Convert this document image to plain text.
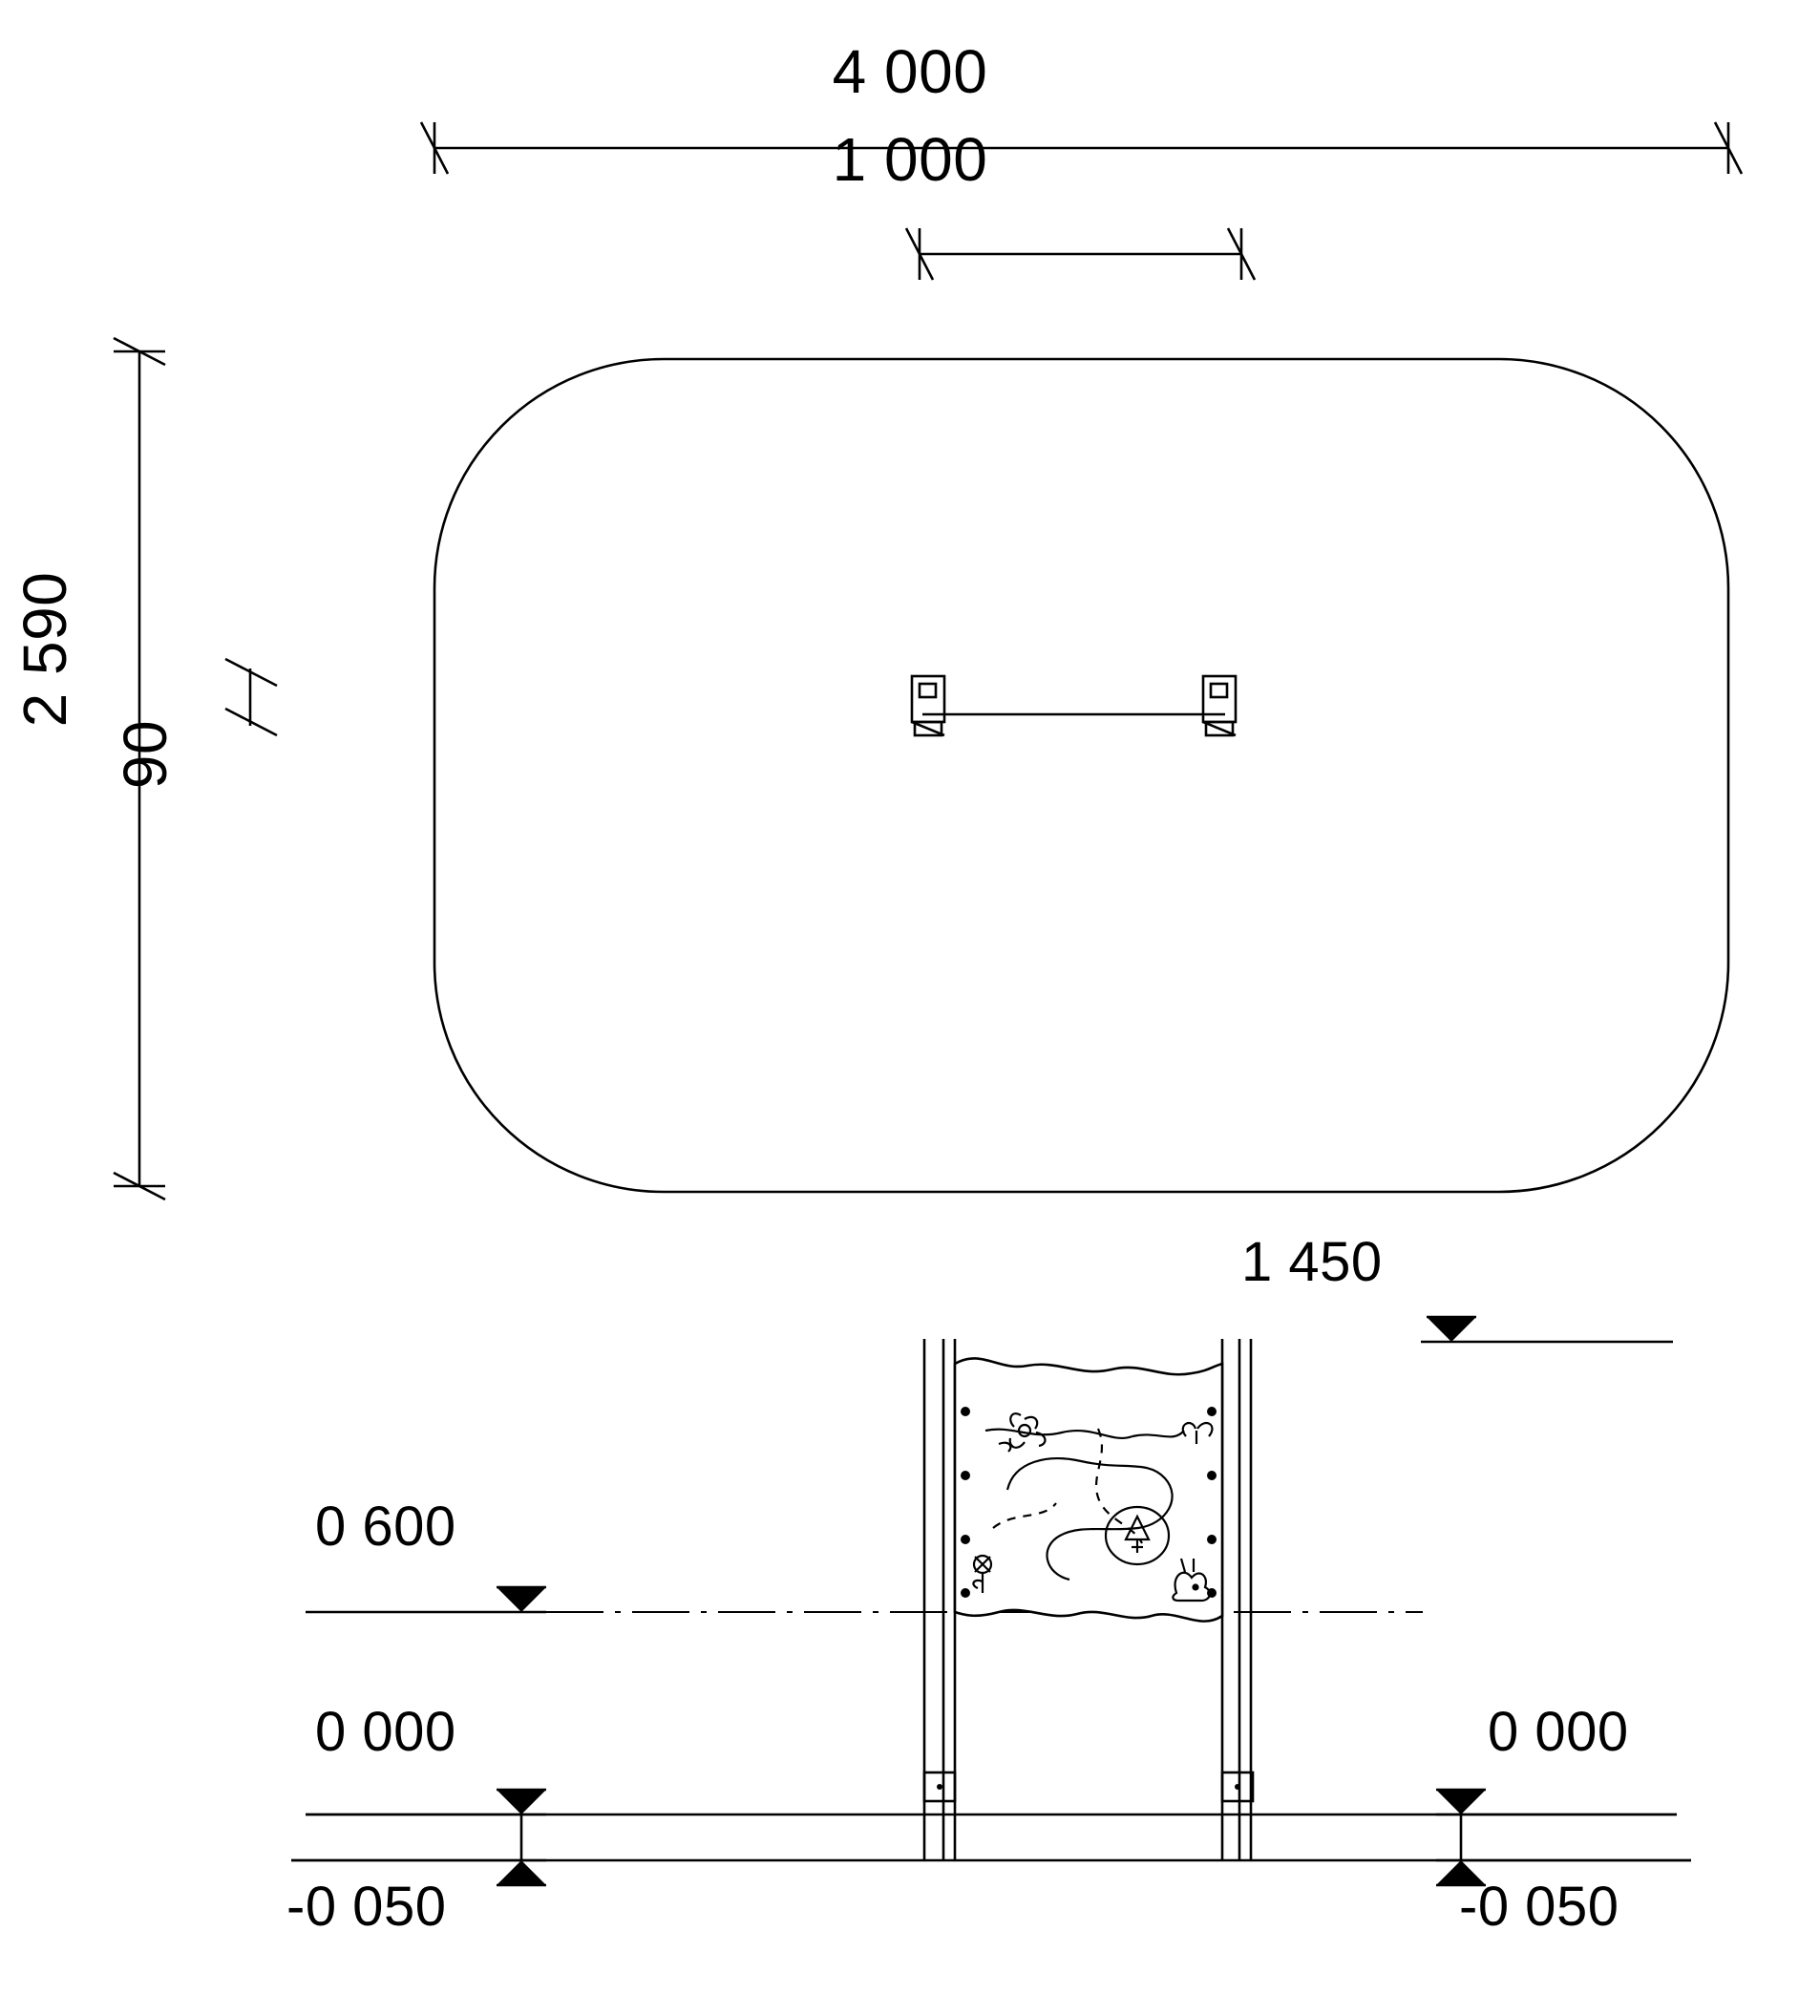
4 000
1 000
2 590
90
1 450
0 600
0 000
-0 050
0 000
-0 050
